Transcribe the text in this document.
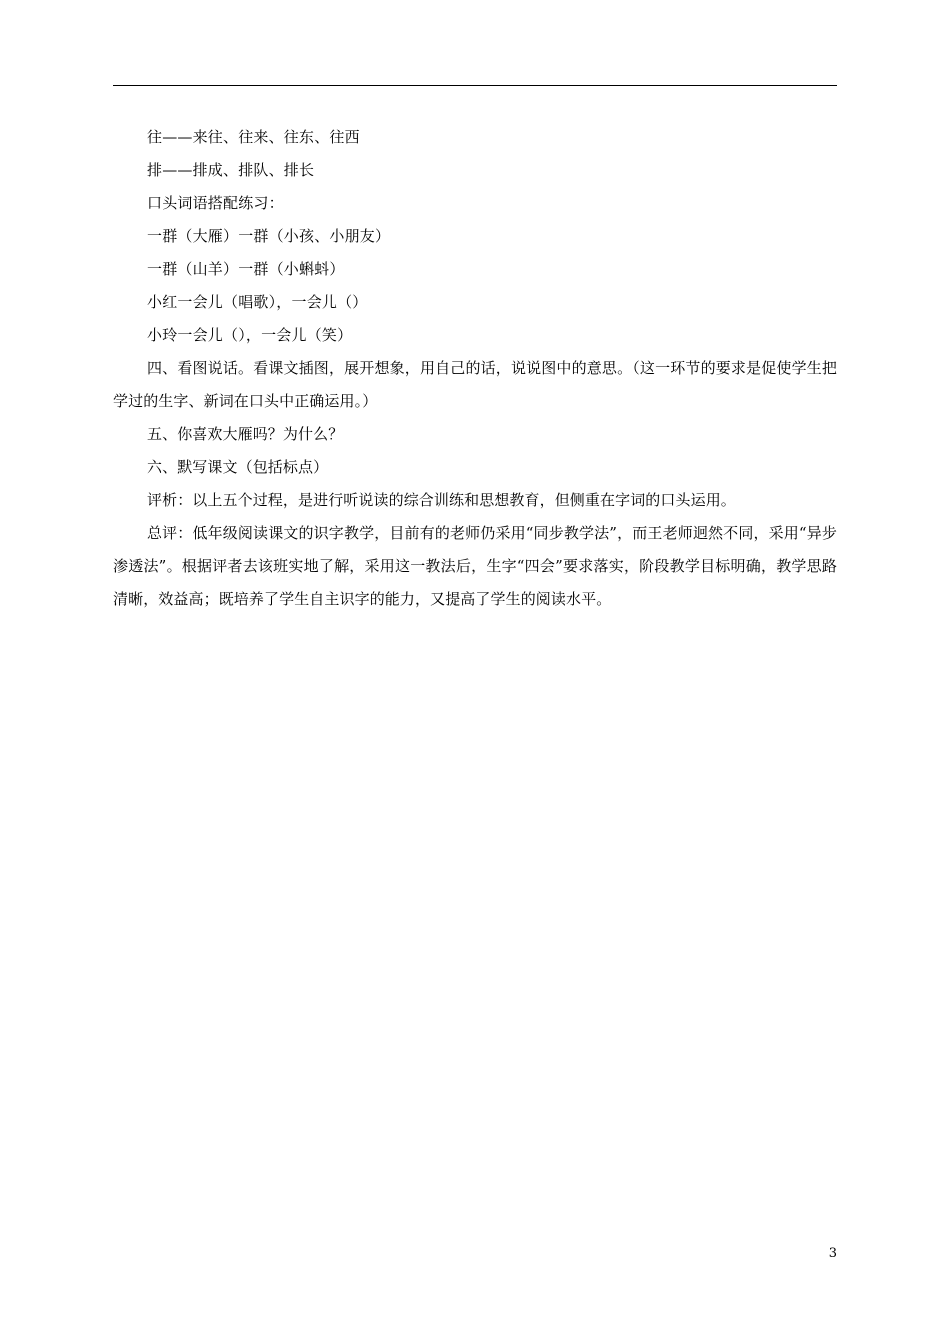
往——来往、往来、往东、往西
排——排成、排队、排长
口头词语搭配练习：
一群（大雁）一群（小孩、小朋友）
一群（山羊）一群（小蝌蚪）
小红一会儿（唱歌），一会儿（）
小玲一会儿（），一会儿（笑）
四、看图说话。看课文插图，展开想象，用自己的话，说说图中的意思。（这一环节的要求是促使学生把学过的生字、新词在口头中正确运用。）
五、你喜欢大雁吗？为什么？
六、默写课文（包括标点）
评析：以上五个过程，是进行听说读的综合训练和思想教育，但侧重在字词的口头运用。
总评：低年级阅读课文的识字教学，目前有的老师仍采用“同步教学法”，而王老师迥然不同，采用“异步渗透法”。根据评者去该班实地了解，采用这一教法后，生字“四会”要求落实，阶段教学目标明确，教学思路清晰，效益高；既培养了学生自主识字的能力，又提高了学生的阅读水平。
3
